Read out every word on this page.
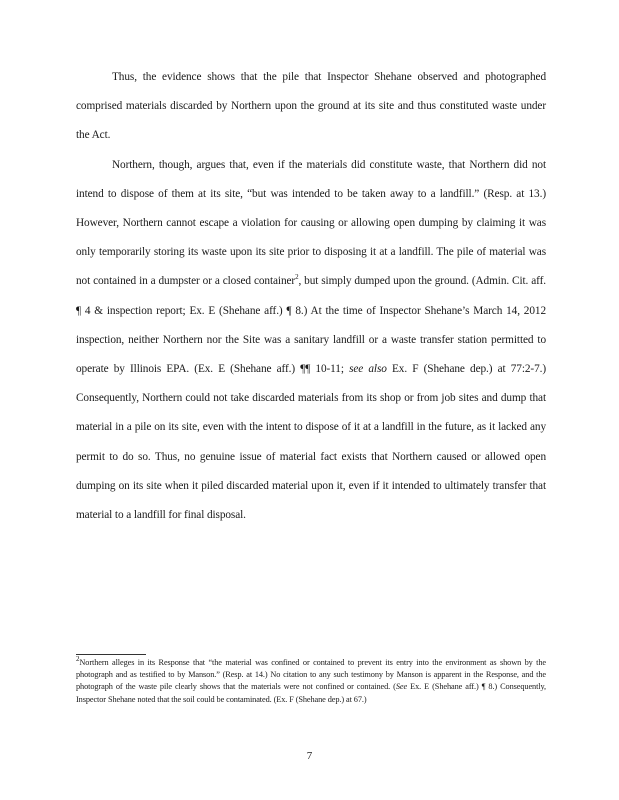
Thus, the evidence shows that the pile that Inspector Shehane observed and photographed comprised materials discarded by Northern upon the ground at its site and thus constituted waste under the Act.

Northern, though, argues that, even if the materials did constitute waste, that Northern did not intend to dispose of them at its site, “but was intended to be taken away to a landfill.” (Resp. at 13.) However, Northern cannot escape a violation for causing or allowing open dumping by claiming it was only temporarily storing its waste upon its site prior to disposing it at a landfill. The pile of material was not contained in a dumpster or a closed container$^2$, but simply dumped upon the ground. (Admin. Cit. aff. ¶ 4 & inspection report; Ex. E (Shehane aff.) ¶ 8.) At the time of Inspector Shehane’s March 14, 2012 inspection, neither Northern nor the Site was a sanitary landfill or a waste transfer station permitted to operate by Illinois EPA. (Ex. E (Shehane aff.) ¶¶ 10-11; see also Ex. F (Shehane dep.) at 77:2-7.) Consequently, Northern could not take discarded materials from its shop or from job sites and dump that material in a pile on its site, even with the intent to dispose of it at a landfill in the future, as it lacked any permit to do so. Thus, no genuine issue of material fact exists that Northern caused or allowed open dumping on its site when it piled discarded material upon it, even if it intended to ultimately transfer that material to a landfill for final disposal.

$^2$Northern alleges in its Response that “the material was confined or contained to prevent its entry into the environment as shown by the photograph and as testified to by Manson.” (Resp. at 14.) No citation to any such testimony by Manson is apparent in the Response, and the photograph of the waste pile clearly shows that the materials were not confined or contained. (See Ex. E (Shehane aff.) ¶ 8.) Consequently, Inspector Shehane noted that the soil could be contaminated. (Ex. F (Shehane dep.) at 67.)
7
